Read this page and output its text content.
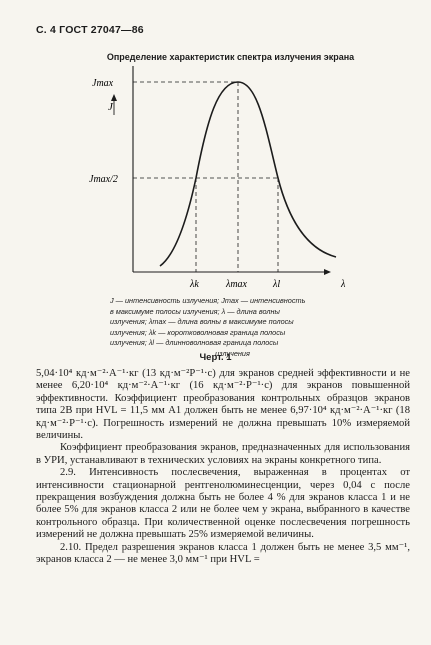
С. 4 ГОСТ 27047—86
Определение характеристик спектра излучения экрана
J
Jmax
Jmax/2
λk	λmax	λl	λ
J — интенсивность излучения; Jmax — интенсивность
в максимуме полосы излучения; λ — длина волны
излучения; λmax — длина волны в максимуме полосы
излучения; λk — коротковолновая граница полосы
излучения; λl — длинноволновая граница полосы
излучения
Черт. 1

5,04·10⁴ кд·м⁻²·А⁻¹·кг (13 кд·м⁻²Р⁻¹·с) для экранов средней эффективности и не менее 6,20·10⁴ кд·м⁻²·А⁻¹·кг (16 кд·м⁻²·Р⁻¹·с) для экранов повышенной эффективности. Коэффициент преобразования контрольных образцов экранов типа 2В при HVL = 11,5 мм А1 должен быть не менее 6,97·10⁴ кд·м⁻²·А⁻¹·кг (18 кд·м⁻²·Р⁻¹·с). Погрешность измерений не должна превышать 10% измеряемой величины.

Коэффициент преобразования экранов, предназначенных для использования в УРИ, устанавливают в технических условиях на экраны конкретного типа.

2.9. Интенсивность послесвечения, выраженная в процентах от интенсивности стационарной рентгенолюминесценции, через 0,04 с после прекращения возбуждения должна быть не более 4 % для экранов класса 1 и не более 5% для экранов класса 2 или не более чем у экрана, выбранного в качестве контрольного образца. При количественной оценке послесвечения погрешность измерений не должна превышать 25% измеряемой величины.

2.10. Предел разрешения экранов класса 1 должен быть не менее 3,5 мм⁻¹, экранов класса 2 — не менее 3,0 мм⁻¹ при HVL =
